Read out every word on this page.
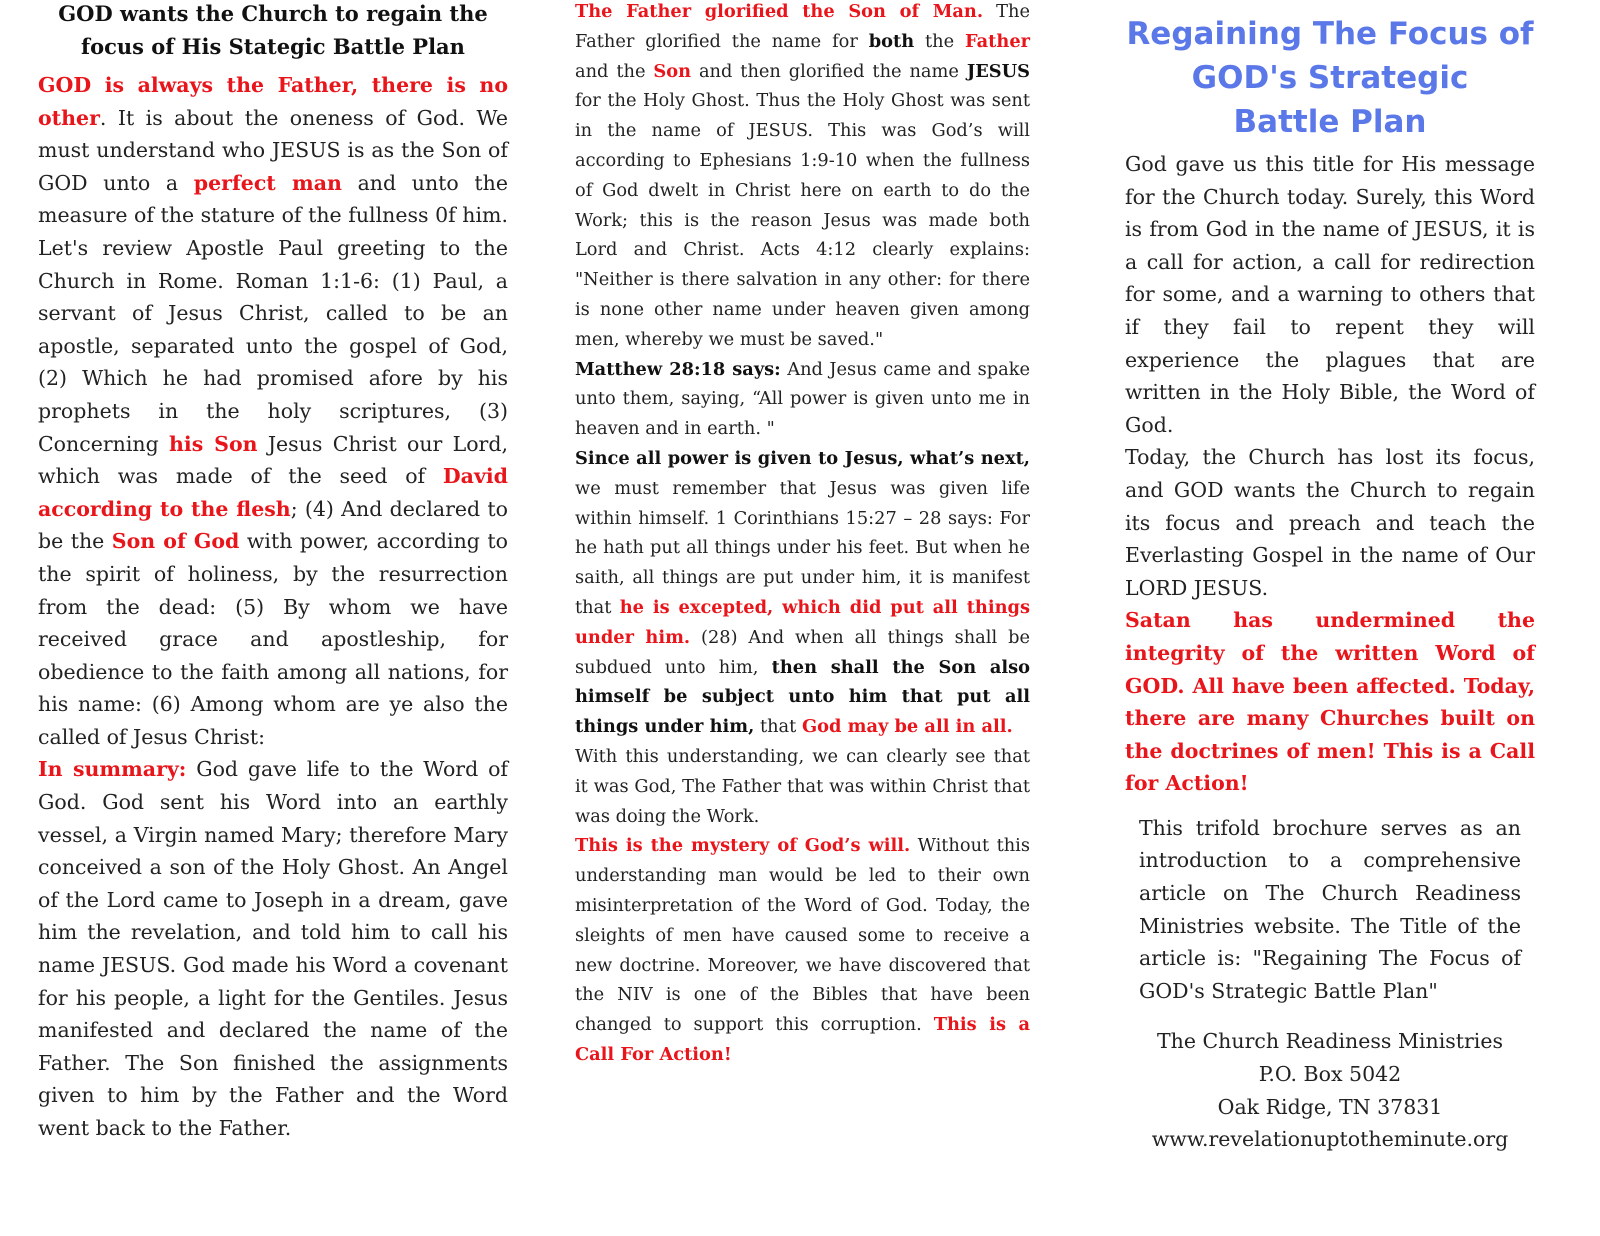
GOD wants the Church to regain the
focus of His Stategic Battle Plan

GOD is always the Father, there is no other. It is about the oneness of God. We must understand who JESUS is as the Son of GOD unto a perfect man and unto the measure of the stature of the fullness 0f him. Let's review Apostle Paul greeting to the Church in Rome. Roman 1:1-6: (1) Paul, a servant of Jesus Christ, called to be an apostle, separated unto the gospel of God, (2) Which he had promised afore by his prophets in the holy scriptures, (3) Concerning his Son Jesus Christ our Lord, which was made of the seed of David according to the flesh; (4) And declared to be the Son of God with power, according to the spirit of holiness, by the resurrection from the dead: (5) By whom we have received grace and apostleship, for obedience to the faith among all nations, for his name: (6) Among whom are ye also the called of Jesus Christ:

In summary: God gave life to the Word of God. God sent his Word into an earthly vessel, a Virgin named Mary; therefore Mary conceived a son of the Holy Ghost. An Angel of the Lord came to Joseph in a dream, gave him the revelation, and told him to call his name JESUS. God made his Word a covenant for his people, a light for the Gentiles. Jesus manifested and declared the name of the Father. The Son finished the assignments given to him by the Father and the Word went back to the Father.

The Father glorified the Son of Man. The Father glorified the name for both the Father and the Son and then glorified the name JESUS for the Holy Ghost. Thus the Holy Ghost was sent in the name of JESUS. This was God’s will according to Ephesians 1:9-10 when the fullness of God dwelt in Christ here on earth to do the Work; this is the reason Jesus was made both Lord and Christ. Acts 4:12 clearly explains: "Neither is there salvation in any other: for there is none other name under heaven given among men, whereby we must be saved."

Matthew 28:18 says: And Jesus came and spake unto them, saying, “All power is given unto me in heaven and in earth. "

Since all power is given to Jesus, what’s next, we must remember that Jesus was given life within himself. 1 Corinthians 15:27 – 28 says: For he hath put all things under his feet. But when he saith, all things are put under him, it is manifest that he is excepted, which did put all things under him. (28) And when all things shall be subdued unto him, then shall the Son also himself be subject unto him that put all things under him, that God may be all in all.

With this understanding, we can clearly see that it was God, The Father that was within Christ that was doing the Work.

This is the mystery of God’s will. Without this understanding man would be led to their own misinterpretation of the Word of God. Today, the sleights of men have caused some to receive a new doctrine. Moreover, we have discovered that the NIV is one of the Bibles that have been changed to support this corruption. This is a Call For Action!

Regaining The Focus of
GOD's Strategic
Battle Plan

God gave us this title for His message for the Church today. Surely, this Word is from God in the name of JESUS, it is a call for action, a call for redirection for some, and a warning to others that if they fail to repent they will experience the plagues that are written in the Holy Bible, the Word of God.

Today, the Church has lost its focus, and GOD wants the Church to regain its focus and preach and teach the Everlasting Gospel in the name of Our LORD JESUS.

Satan has undermined the integrity of the written Word of GOD. All have been affected. Today, there are many Churches built on the doctrines of men! This is a Call for Action!

This trifold brochure serves as an introduction to a comprehensive article on The Church Readiness Ministries website. The Title of the article is: "Regaining The Focus of GOD's Strategic Battle Plan"

The Church Readiness Ministries
P.O. Box 5042
Oak Ridge, TN 37831
www.revelationuptotheminute.org
